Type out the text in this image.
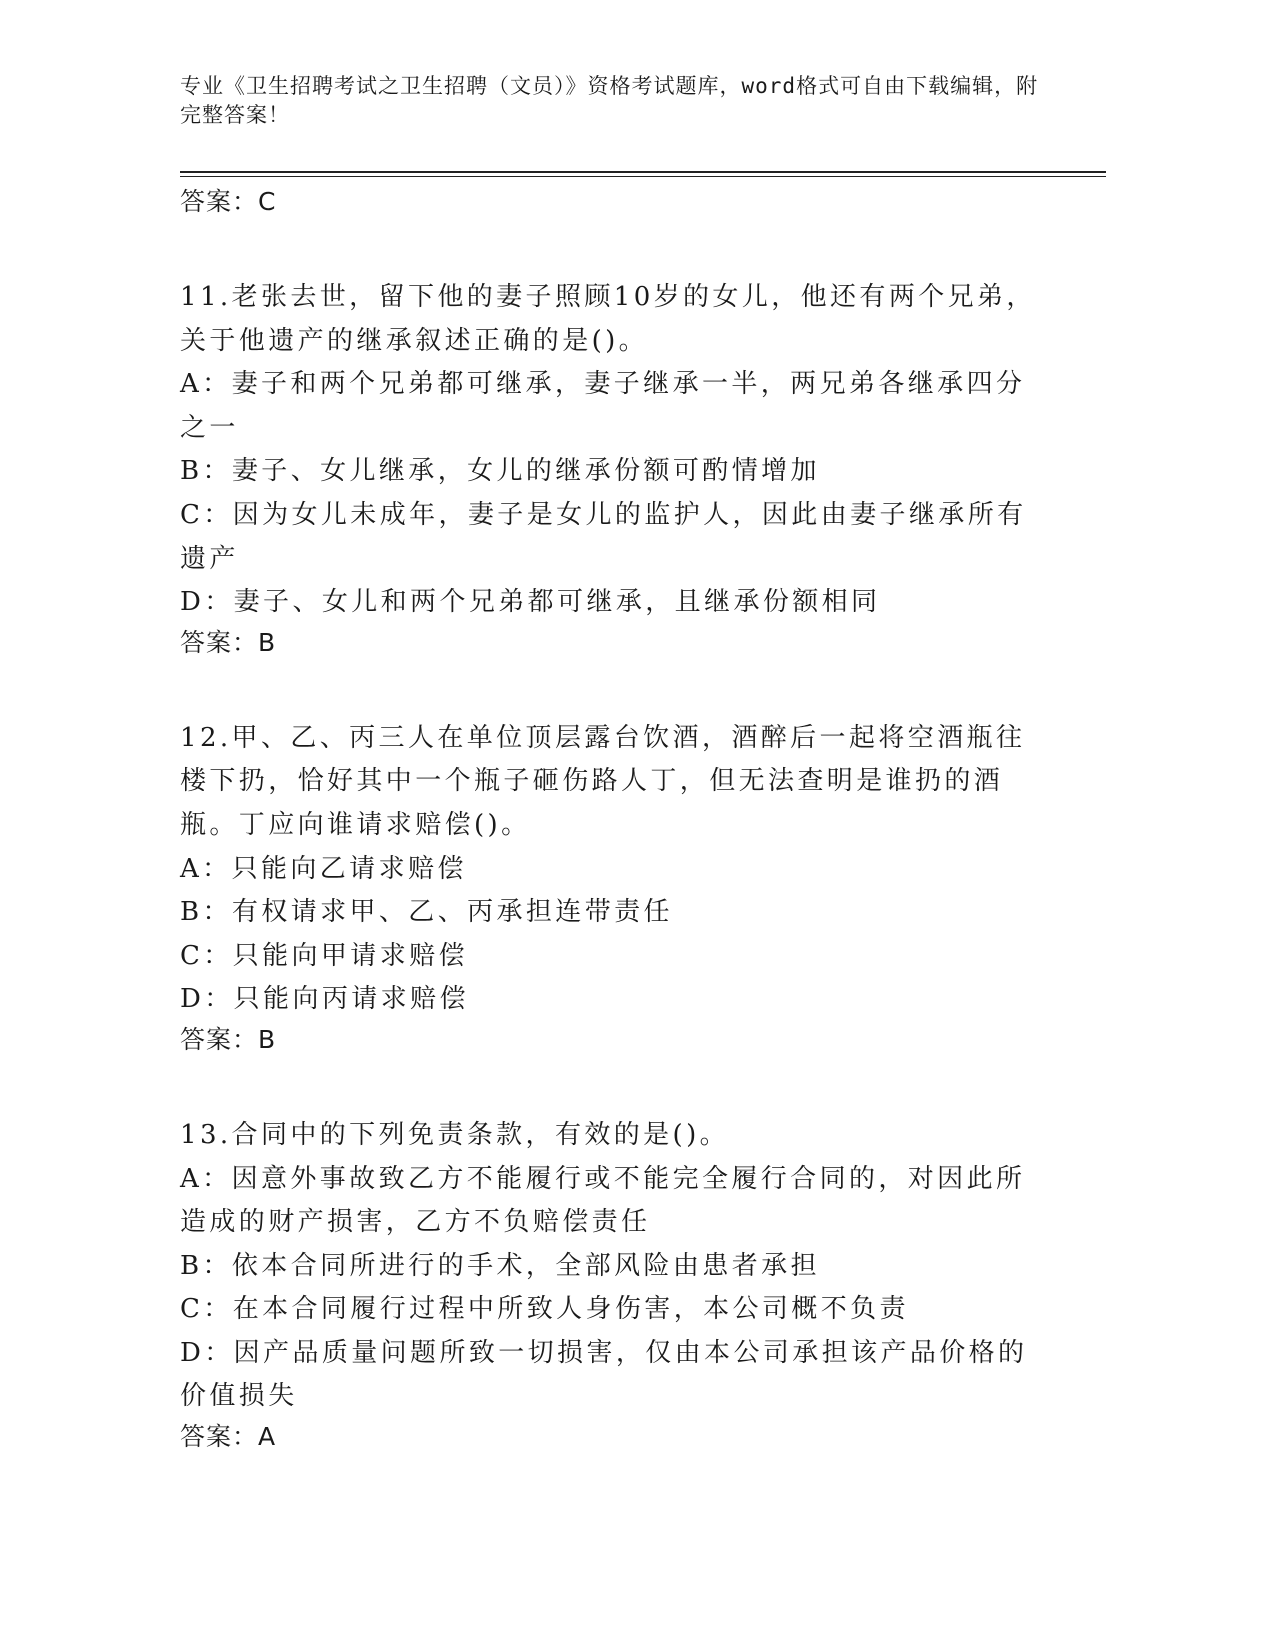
专业《卫生招聘考试之卫生招聘（文员）》资格考试题库，word格式可自由下载编辑，附完整答案！

答案：C

11.老张去世，留下他的妻子照顾10岁的女儿，他还有两个兄弟，关于他遗产的继承叙述正确的是()。

A：妻子和两个兄弟都可继承，妻子继承一半，两兄弟各继承四分之一

B：妻子、女儿继承，女儿的继承份额可酌情增加

C：因为女儿未成年，妻子是女儿的监护人，因此由妻子继承所有遗产

D：妻子、女儿和两个兄弟都可继承，且继承份额相同

答案：B

12.甲、乙、丙三人在单位顶层露台饮酒，酒醉后一起将空酒瓶往楼下扔，恰好其中一个瓶子砸伤路人丁，但无法查明是谁扔的酒瓶。丁应向谁请求赔偿()。

A：只能向乙请求赔偿

B：有权请求甲、乙、丙承担连带责任

C：只能向甲请求赔偿

D：只能向丙请求赔偿

答案：B

13.合同中的下列免责条款，有效的是()。

A：因意外事故致乙方不能履行或不能完全履行合同的，对因此所造成的财产损害，乙方不负赔偿责任

B：依本合同所进行的手术，全部风险由患者承担

C：在本合同履行过程中所致人身伤害，本公司概不负责

D：因产品质量问题所致一切损害，仅由本公司承担该产品价格的价值损失

答案：A
